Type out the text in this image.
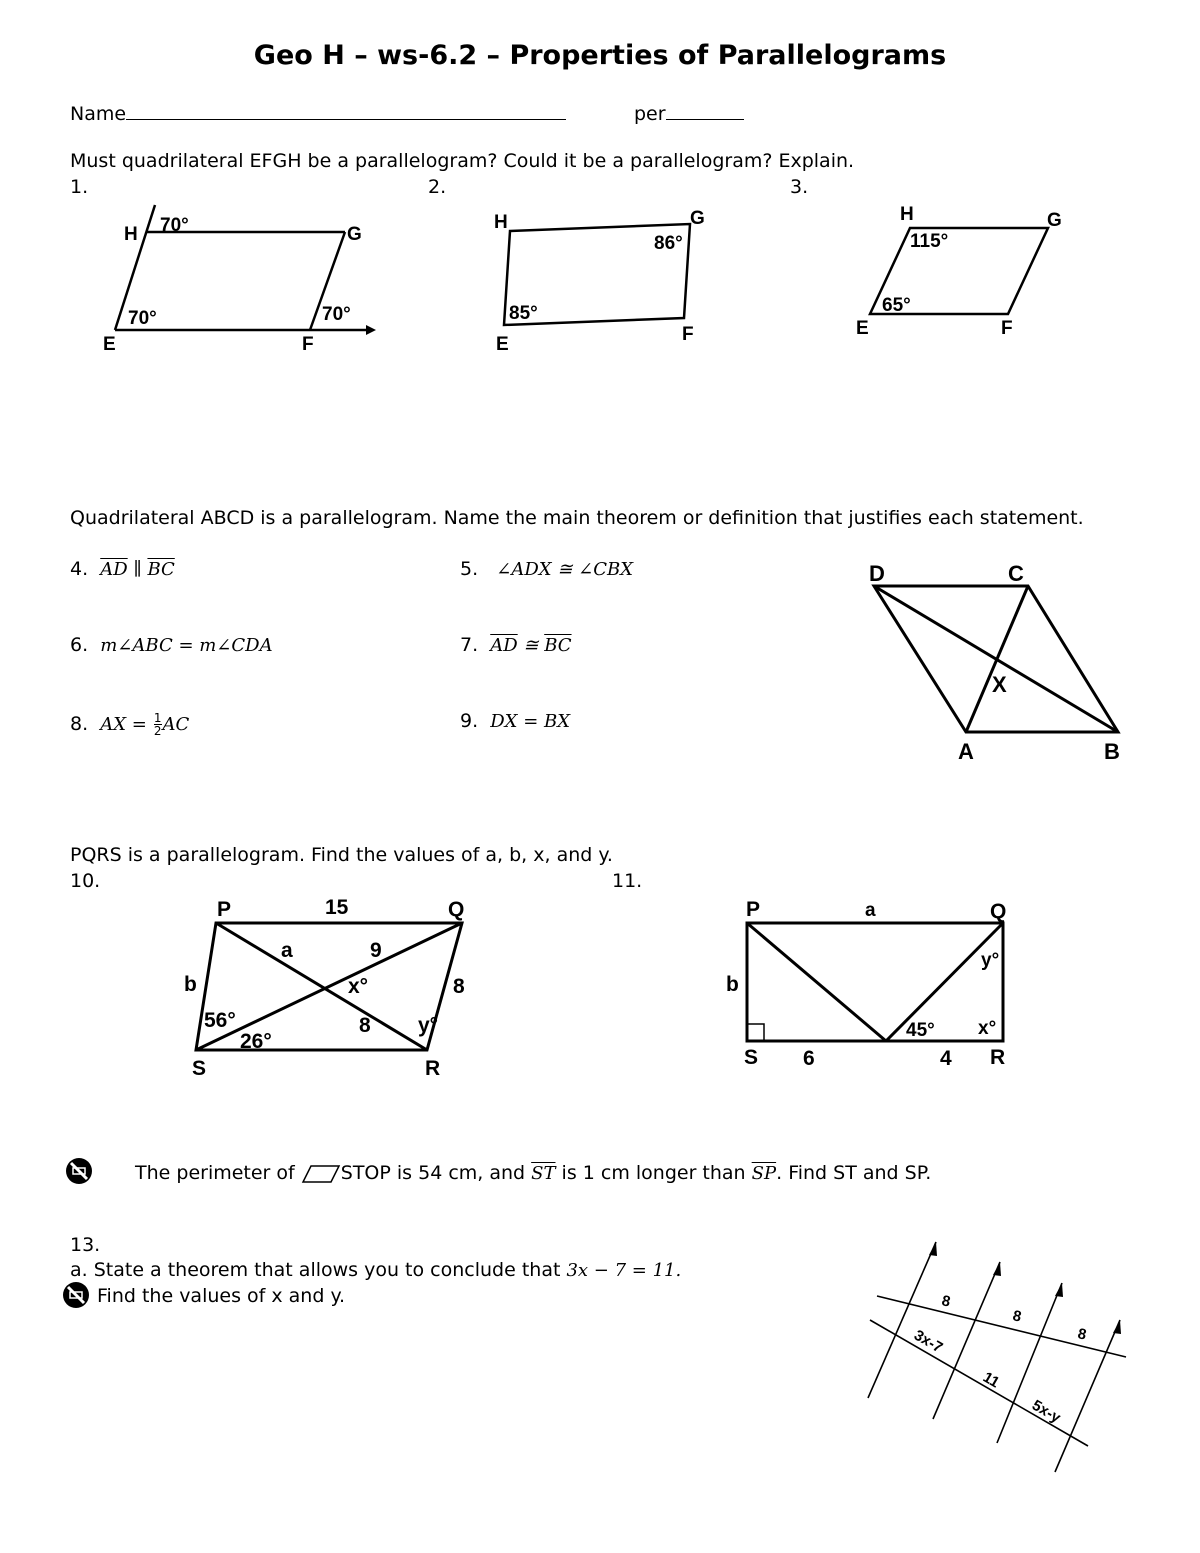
Geo H – ws-6.2 – Properties of Parallelograms
Name	per
Must quadrilateral EFGH be a parallelogram? Could it be a parallelogram? Explain.
1.	2.	3.
H	G
E	F
70°
70°	70°
H	G
E	F
86°
85°
H	G
E	F
115°
65°
Quadrilateral ABCD is a parallelogram. Name the main theorem or definition that justifies each statement.
4. $\overline{AD}$ ∥ $\overline{BC}$	5. ∠ADX ≅ ∠CBX
6. m∠ABC = m∠CDA	7. $\overline{AD}$ ≅ $\overline{BC}$
8. AX = $\frac{1}{2}$ AC	9. DX = BX
D	C
A	B
X
PQRS is a parallelogram. Find the values of a, b, x, and y.
10.	11.
P	Q
R
S
15
a	9
b	x°	8
56°	8 y°
26°
P	Q
R
S
a
b
y°
45° x°
6	4
The perimeter of STOP is 54 cm, and $\overline{ST}$ is 1 cm longer than $\overline{SP}$. Find ST and SP.
13.
a. State a theorem that allows you to conclude that 3x − 7 = 11.
Find the values of x and y.	8
8
8
3x-7
11
5x-y
